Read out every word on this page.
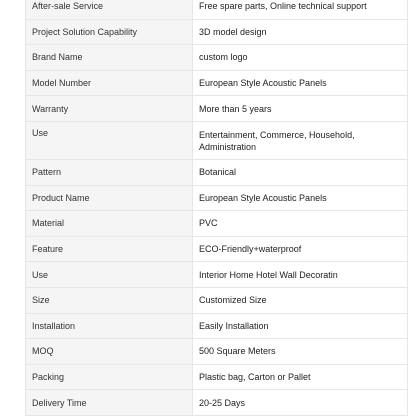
After-sale Service	Free spare parts, Online technical support
Project Solution Capability	3D model design
Brand Name	custom logo
Model Number	European Style Acoustic Panels
Warranty	More than 5 years
Use	Entertainment, Commerce, Household, Administration
Pattern	Botanical
Product Name	European Style Acoustic Panels
Material	PVC
Feature	ECO-Friendly+waterproof
Use	Interior Home Hotel Wall Decoratin
Size	Customized Size
Installation	Easily Installation
MOQ	500 Square Meters
Packing	Plastic bag, Carton or Pallet
Delivery Time	20-25 Days
